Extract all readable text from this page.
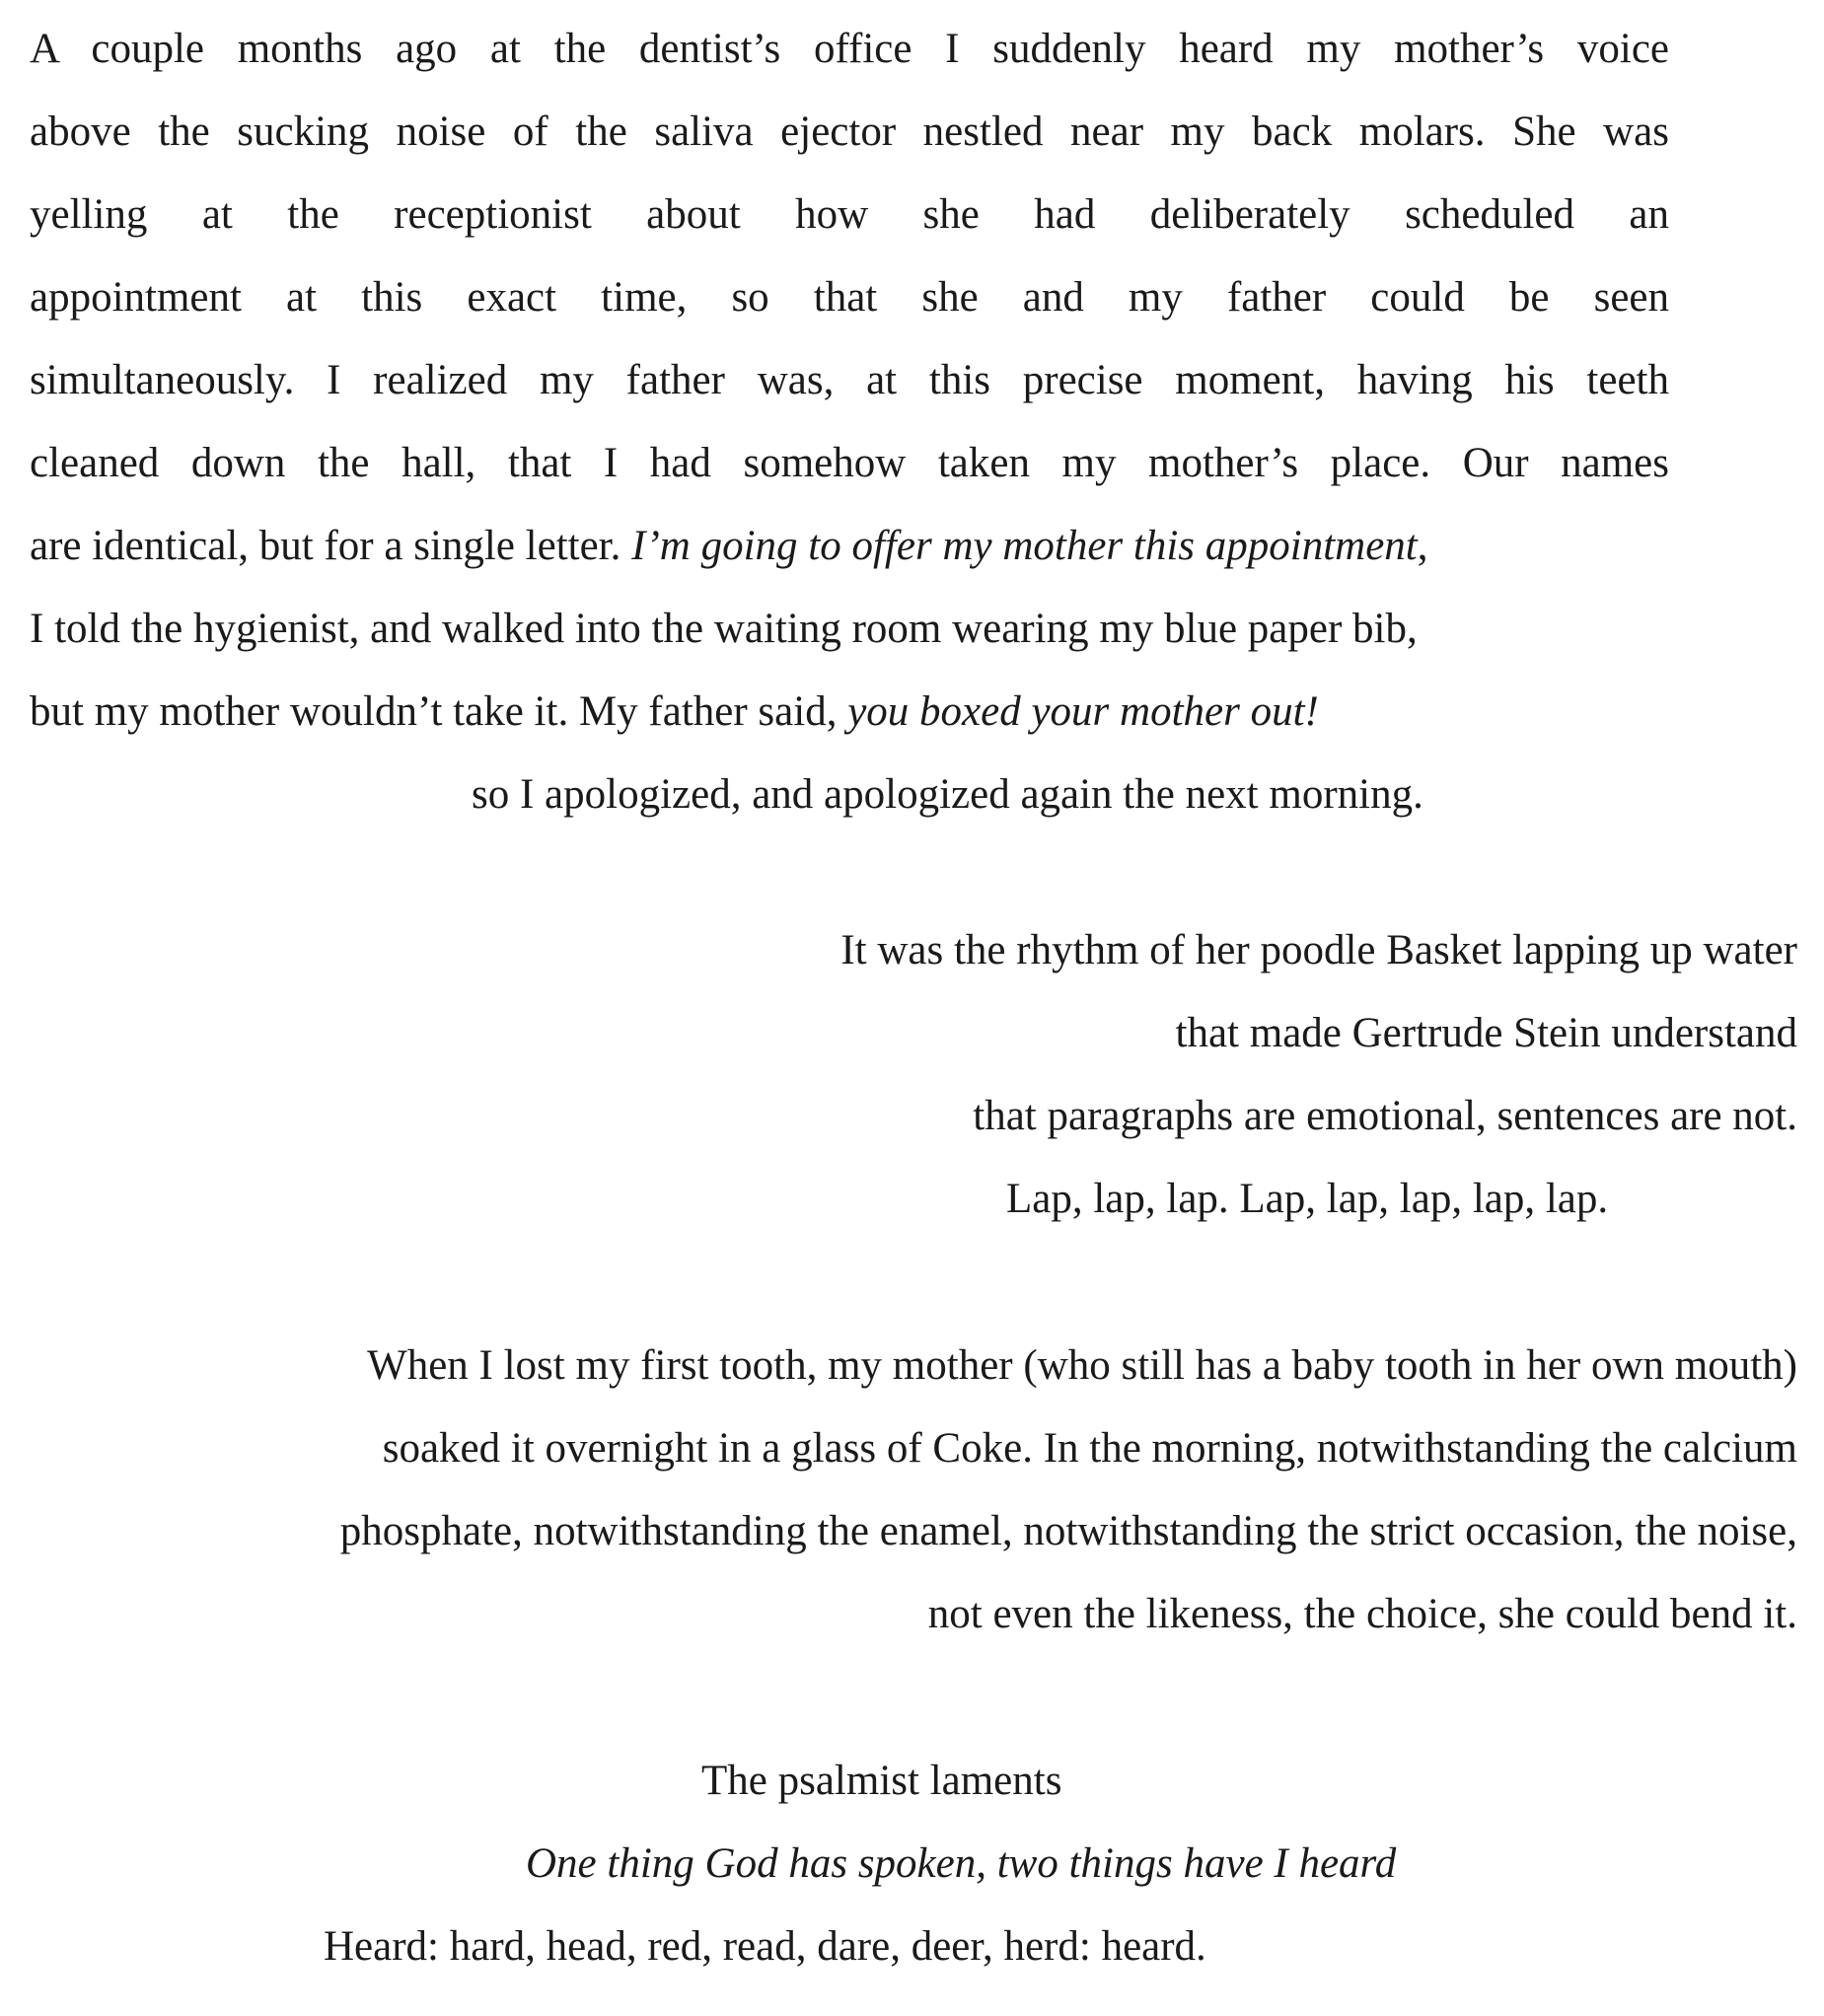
A couple months ago at the dentist’s office I suddenly heard my mother’s voice

above the sucking noise of the saliva ejector nestled near my back molars. She was

yelling at the receptionist about how she had deliberately scheduled an

appointment at this exact time, so that she and my father could be seen

simultaneously. I realized my father was, at this precise moment, having his teeth

cleaned down the hall, that I had somehow taken my mother’s place. Our names

are identical, but for a single letter. I’m going to offer my mother this appointment,

I told the hygienist, and walked into the waiting room wearing my blue paper bib,

but my mother wouldn’t take it. My father said, you boxed your mother out!

so I apologized, and apologized again the next morning.

It was the rhythm of her poodle Basket lapping up water

that made Gertrude Stein understand

that paragraphs are emotional, sentences are not.

Lap, lap, lap. Lap, lap, lap, lap, lap.

When I lost my first tooth, my mother (who still has a baby tooth in her own mouth)

soaked it overnight in a glass of Coke. In the morning, notwithstanding the calcium

phosphate, notwithstanding the enamel, notwithstanding the strict occasion, the noise,

not even the likeness, the choice, she could bend it.

The psalmist laments

One thing God has spoken, two things have I heard

Heard: hard, head, red, read, dare, deer, herd: heard.
